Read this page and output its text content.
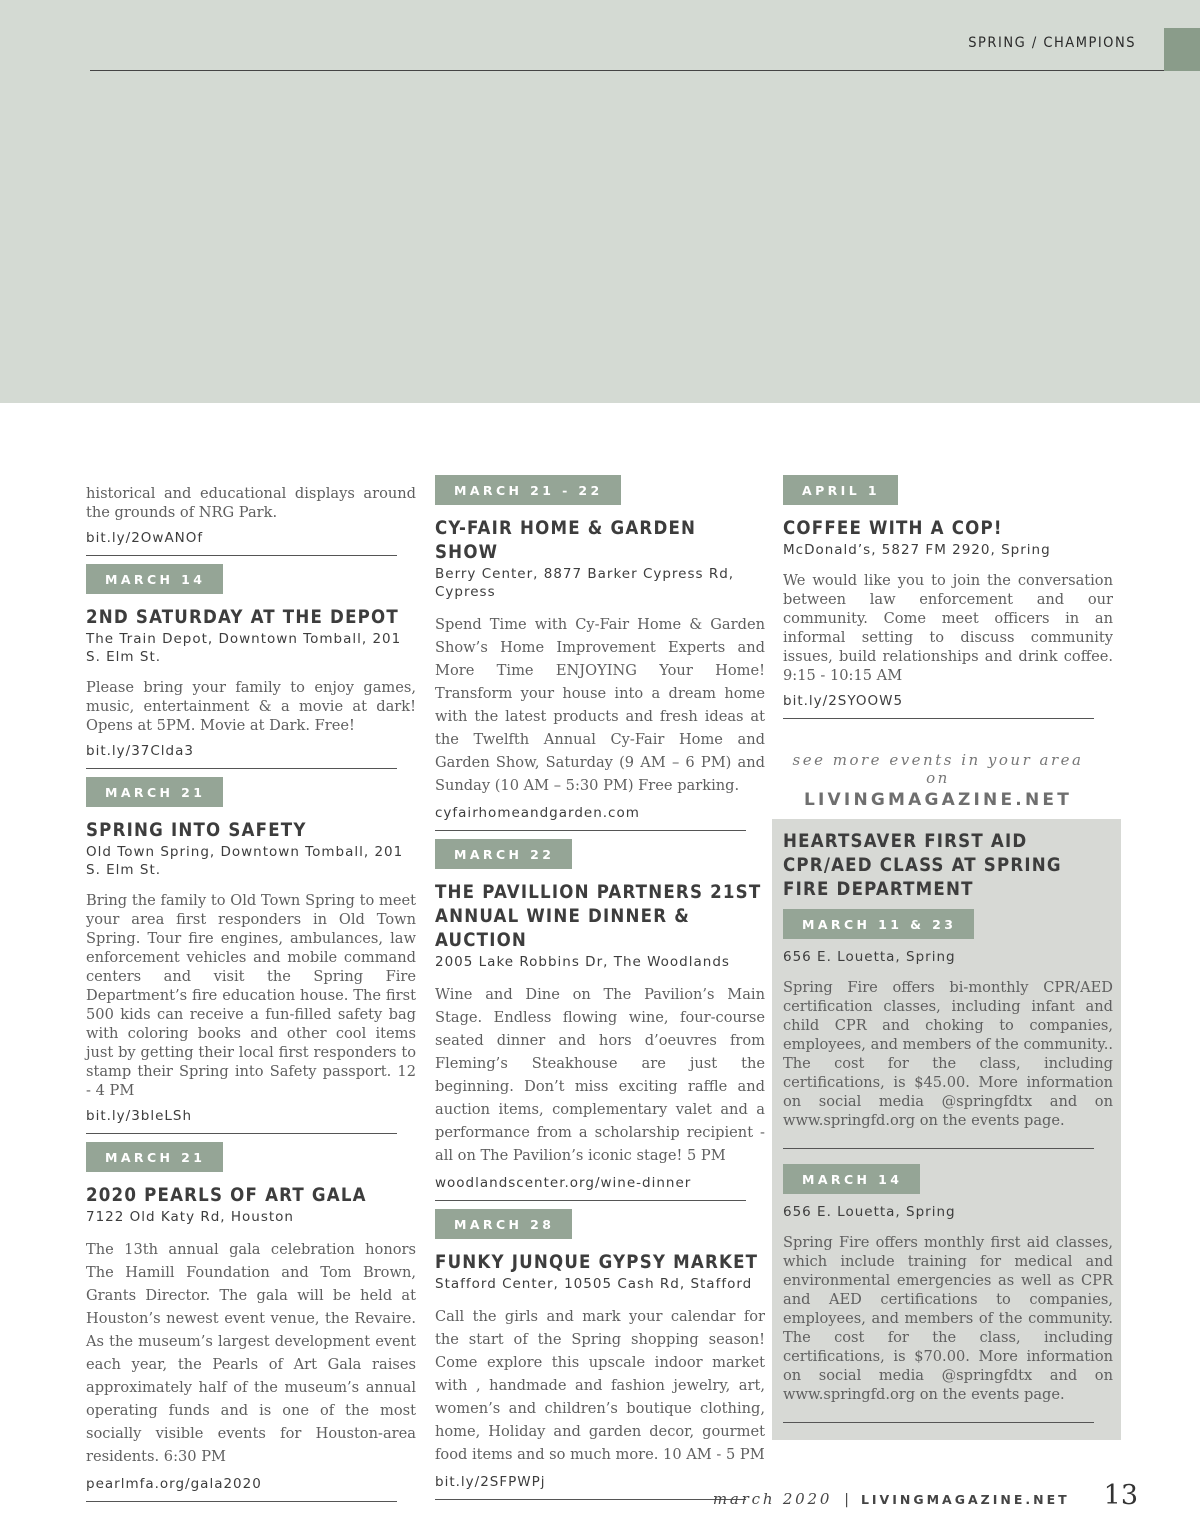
SPRING / CHAMPIONS

historical and educational displays around the grounds of NRG Park.

bit.ly/2OwANOf

MARCH 14
2ND SATURDAY AT THE DEPOT

The Train Depot, Downtown Tomball, 201 S. Elm St.

Please bring your family to enjoy games, music, entertainment & a movie at dark! Opens at 5PM. Movie at Dark. Free!

bit.ly/37Clda3

MARCH 21
SPRING INTO SAFETY

Old Town Spring, Downtown Tomball, 201 S. Elm St.

Bring the family to Old Town Spring to meet your area first responders in Old Town Spring. Tour fire engines, ambulances, law enforcement vehicles and mobile command centers and visit the Spring Fire Department’s fire education house. The first 500 kids can receive a fun-filled safety bag with coloring books and other cool items just by getting their local first responders to stamp their Spring into Safety passport. 12 - 4 PM

bit.ly/3bleLSh

MARCH 21
2020 PEARLS OF ART GALA

7122 Old Katy Rd, Houston

The 13th annual gala celebration honors The Hamill Foundation and Tom Brown, Grants Director. The gala will be held at Houston’s newest event venue, the Revaire. As the museum’s largest development event each year, the Pearls of Art Gala raises approximately half of the museum’s annual operating funds and is one of the most socially visible events for Houston-area residents. 6:30 PM

pearlmfa.org/gala2020

MARCH 21 - 22
CY-FAIR HOME & GARDEN SHOW

Berry Center, 8877 Barker Cypress Rd, Cypress

Spend Time with Cy-Fair Home & Garden Show’s Home Improvement Experts and More Time ENJOYING Your Home! Transform your house into a dream home with the latest products and fresh ideas at the Twelfth Annual Cy-Fair Home and Garden Show, Saturday (9 AM – 6 PM) and Sunday (10 AM – 5:30 PM) Free parking.

cyfairhomeandgarden.com

MARCH 22
THE PAVILLION PARTNERS 21ST ANNUAL WINE DINNER & AUCTION

2005 Lake Robbins Dr, The Woodlands

Wine and Dine on The Pavilion’s Main Stage. Endless flowing wine, four-course seated dinner and hors d’oeuvres from Fleming’s Steakhouse are just the beginning. Don’t miss exciting raffle and auction items, complementary valet and a performance from a scholarship recipient - all on The Pavilion’s iconic stage! 5 PM

woodlandscenter.org/wine-dinner

MARCH 28
FUNKY JUNQUE GYPSY MARKET

Stafford Center, 10505 Cash Rd, Stafford

Call the girls and mark your calendar for the start of the Spring shopping season! Come explore this upscale indoor market with , handmade and fashion jewelry, art, women’s and children’s boutique clothing, home, Holiday and garden decor, gourmet food items and so much more. 10 AM - 5 PM

bit.ly/2SFPWPj

APRIL 1
COFFEE WITH A COP!

McDonald’s, 5827 FM 2920, Spring

We would like you to join the conversation between law enforcement and our community. Come meet officers in an informal setting to discuss community issues, build relationships and drink coffee. 9:15 - 10:15 AM

bit.ly/2SYOOW5

see more events in your area on
LIVINGMAGAZINE.NET
HEARTSAVER FIRST AID CPR/AED CLASS AT SPRING FIRE DEPARTMENT
MARCH 11 & 23

656 E. Louetta, Spring

Spring Fire offers bi-monthly CPR/AED certification classes, including infant and child CPR and choking to companies, employees, and members of the community.. The cost for the class, including certifications, is $45.00. More information on social media @springfdtx and on www.springfd.org on the events page.

MARCH 14

656 E. Louetta, Spring

Spring Fire offers monthly first aid classes, which include training for medical and environmental emergencies as well as CPR and AED certifications to companies, employees, and members of the community. The cost for the class, including certifications, is $70.00. More information on social media @springfdtx and on www.springfd.org on the events page.

march 2020 | LIVINGMAGAZINE.NET 13
